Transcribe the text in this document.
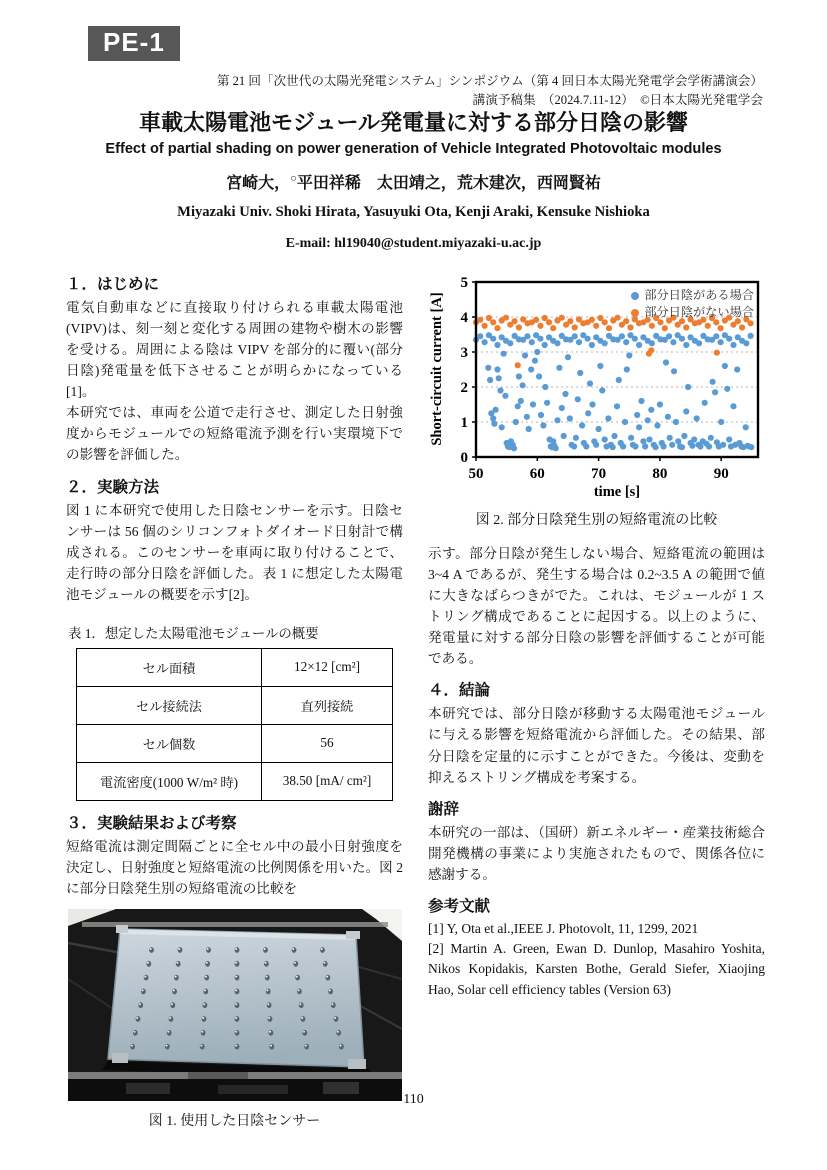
PE-1
第 21 回「次世代の太陽光発電システム」シンポジウム（第 4 回日本太陽光発電学会学術講演会）
講演予稿集　（2024.7.11-12）　©日本太陽光発電学会
車載太陽電池モジュール発電量に対する部分日陰の影響
Effect of partial shading on power generation of Vehicle Integrated Photovoltaic modules
宮崎大，○平田祥稀　太田靖之，荒木建次，西岡賢祐
Miyazaki Univ. Shoki Hirata, Yasuyuki Ota, Kenji Araki, Kensuke Nishioka
E-mail: hl19040@student.miyazaki-u.ac.jp
１．はじめに

電気自動車などに直接取り付けられる車載太陽電池(VIPV)は、刻一刻と変化する周囲の建物や樹木の影響を受ける。周囲による陰は VIPV を部分的に覆い(部分日陰)発電量を低下させることが明らかになっている[1]。

本研究では、車両を公道で走行させ、測定した日射強度からモジュールでの短絡電流予測を行い実環境下での影響を評価した。

２．実験方法

図 1 に本研究で使用した日陰センサーを示す。日陰センサーは 56 個のシリコンフォトダイオード日射計で構成される。このセンサーを車両に取り付けることで、走行時の部分日陰を評価した。表 1 に想定した太陽電池モジュールの概要を示す[2]。

表 1．想定した太陽電池モジュールの概要
セル面積	12×12 [cm²]
セル接続法	直列接続
セル個数	56
電流密度(1000 W/m² 時)	38.50 [mA/ cm²]
３．実験結果および考察

短絡電流は測定間隔ごとに全セル中の最小日射強度を決定し、日射強度と短絡電流の比例関係を用いた。図 2 に部分日陰発生別の短絡電流の比較を

図 1. 使用した日陰センサー
0
1
2
3
4
5
50	60	70	80	90
Short-circuit current [A]
time [s]
部分日陰がある場合
部分日陰がない場合
図 2. 部分日陰発生別の短絡電流の比較

示す。部分日陰が発生しない場合、短絡電流の範囲は 3~4 A であるが、発生する場合は 0.2~3.5 A の範囲で値に大きなばらつきがでた。これは、モジュールが 1 ストリング構成であることに起因する。以上のように、発電量に対する部分日陰の影響を評価することが可能である。

４．結論

本研究では、部分日陰が移動する太陽電池モジュールに与える影響を短絡電流から評価した。その結果、部分日陰を定量的に示すことができた。今後は、変動を抑えるストリング構成を考案する。

謝辞

本研究の一部は、（国研）新エネルギー・産業技術総合開発機構の事業により実施されたもので、関係各位に感謝する。

参考文献

[1] Y, Ota et al.,IEEE J. Photovolt, 11, 1299, 2021

[2] Martin A. Green, Ewan D. Dunlop, Masahiro Yoshita, Nikos Kopidakis, Karsten Bothe, Gerald Siefer, Xiaojing Hao, Solar cell efficiency tables (Version 63)

110
